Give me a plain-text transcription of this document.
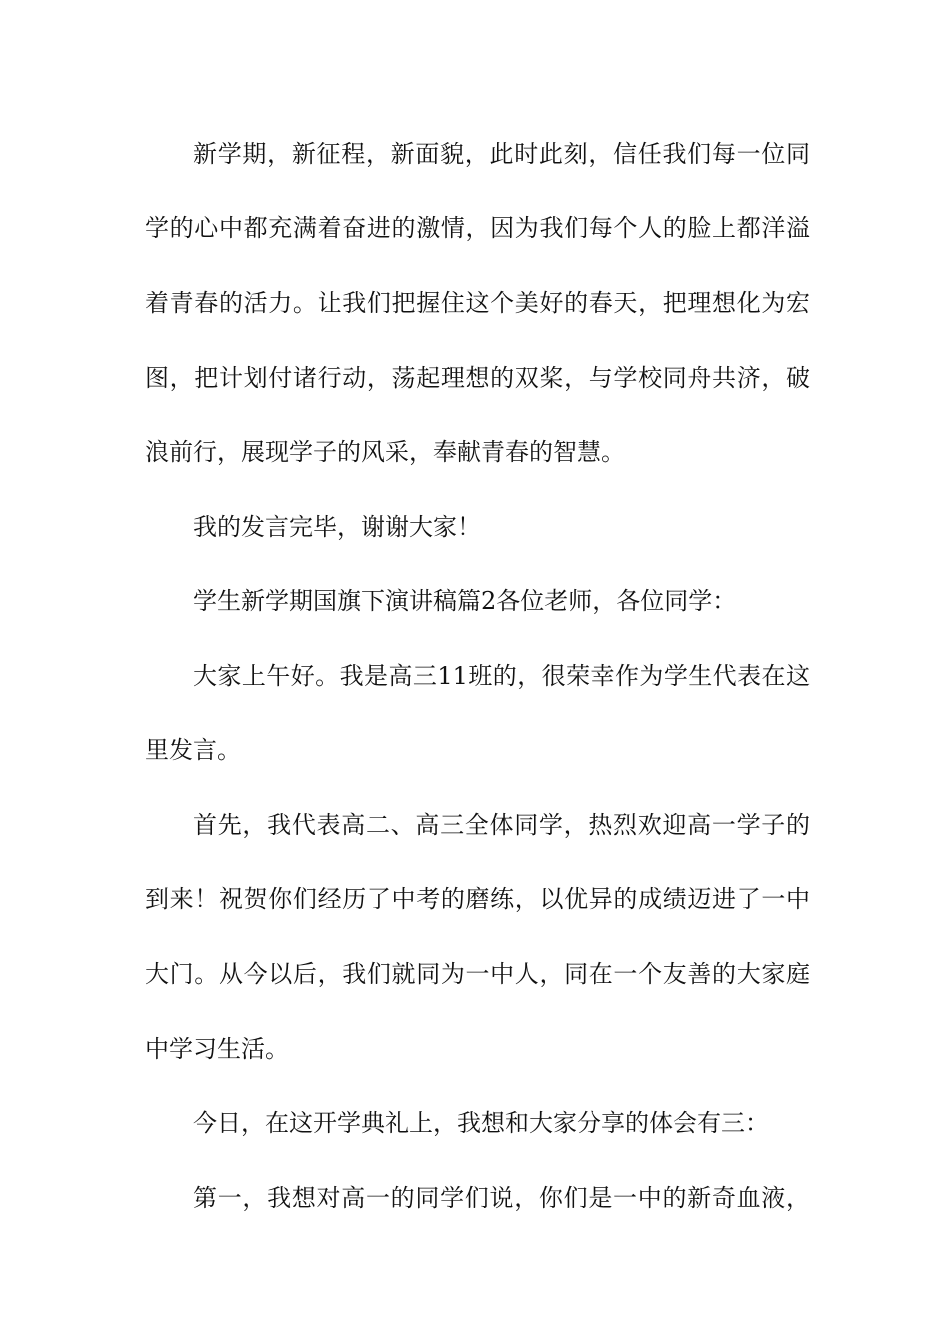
新学期，新征程，新面貌，此时此刻，信任我们每一位同
学的心中都充满着奋进的激情，因为我们每个人的脸上都洋溢
着青春的活力。让我们把握住这个美好的春天，把理想化为宏
图，把计划付诸行动，荡起理想的双桨，与学校同舟共济，破
浪前行，展现学子的风采，奉献青春的智慧。
我的发言完毕，谢谢大家！
学生新学期国旗下演讲稿篇2各位老师，各位同学：
大家上午好。我是高三11班的，很荣幸作为学生代表在这
里发言。
首先，我代表高二、高三全体同学，热烈欢迎高一学子的
到来！祝贺你们经历了中考的磨练，以优异的成绩迈进了一中
大门。从今以后，我们就同为一中人，同在一个友善的大家庭
中学习生活。
今日，在这开学典礼上，我想和大家分享的体会有三：
第一，我想对高一的同学们说，你们是一中的新奇血液，
